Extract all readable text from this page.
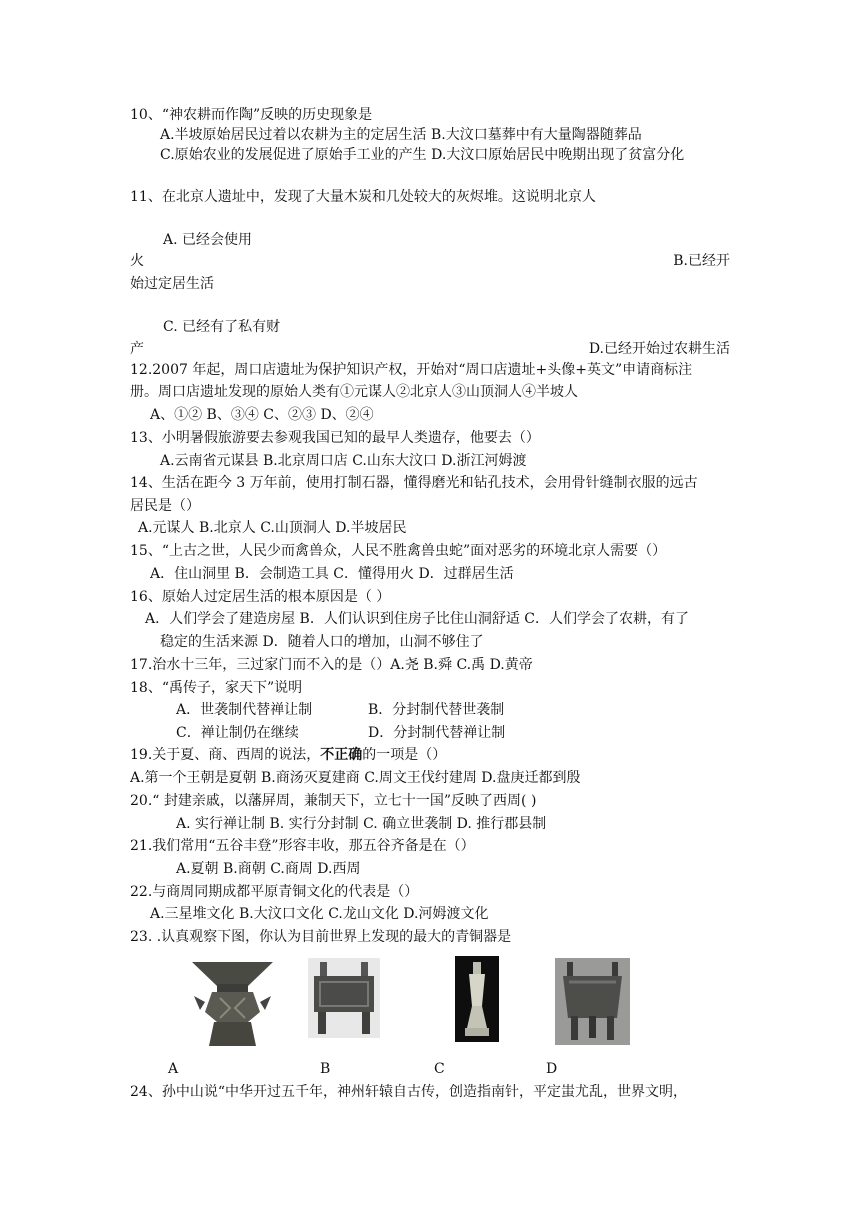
10、“神农耕而作陶”反映的历史现象是
A.半坡原始居民过着以农耕为主的定居生活 B.大汶口墓葬中有大量陶器随葬品
C.原始农业的发展促进了原始手工业的产生 D.大汶口原始居民中晚期出现了贫富分化
11、在北京人遗址中，发现了大量木炭和几处较大的灰烬堆。这说明北京人
A. 已经会使用
火	B.已经开
始过定居生活
C. 已经有了私有财
产	D.已经开始过农耕生活
12.2007 年起，周口店遗址为保护知识产权，开始对“周口店遗址+头像+英文”申请商标注
册。周口店遗址发现的原始人类有①元谋人②北京人③山顶洞人④半坡人
A、①② B、③④ C、②③ D、②④
13、小明暑假旅游要去参观我国已知的最早人类遗存，他要去（）
A.云南省元谋县 B.北京周口店 C.山东大汶口 D.浙江河姆渡
14、生活在距今 3 万年前，使用打制石器，懂得磨光和钻孔技术，会用骨针缝制衣服的远古
居民是（）
A.元谋人 B.北京人 C.山顶洞人 D.半坡居民
15、“上古之世，人民少而禽兽众，人民不胜禽兽虫蛇”面对恶劣的环境北京人需要（）
A．住山洞里 B．会制造工具 C．懂得用火 D．过群居生活
16、原始人过定居生活的根本原因是（ ）
A．人们学会了建造房屋 B．人们认识到住房子比住山洞舒适 C．人们学会了农耕，有了
稳定的生活来源 D．随着人口的增加，山洞不够住了
17.治水十三年，三过家门而不入的是（）A.尧 B.舜 C.禹 D.黄帝
18、“禹传子，家天下”说明
A．世袭制代替禅让制	B．分封制代替世袭制
C．禅让制仍在继续	D．分封制代替禅让制
19.关于夏、商、西周的说法，不正确的一项是（）
A.第一个王朝是夏朝 B.商汤灭夏建商 C.周文王伐纣建周 D.盘庚迁都到殷
20.“ 封建亲戚，以藩屏周，兼制天下，立七十一国”反映了西周( )
A. 实行禅让制 B. 实行分封制 C. 确立世袭制 D. 推行郡县制
21.我们常用“五谷丰登”形容丰收，那五谷齐备是在（）
A.夏朝 B.商朝 C.商周 D.西周
22.与商周同期成都平原青铜文化的代表是（）
A.三星堆文化 B.大汶口文化 C.龙山文化 D.河姆渡文化
23. .认真观察下图，你认为目前世界上发现的最大的青铜器是
A	B	C	D
24、孙中山说“中华开过五千年，神州轩辕自古传，创造指南针，平定蚩尤乱，世界文明，
